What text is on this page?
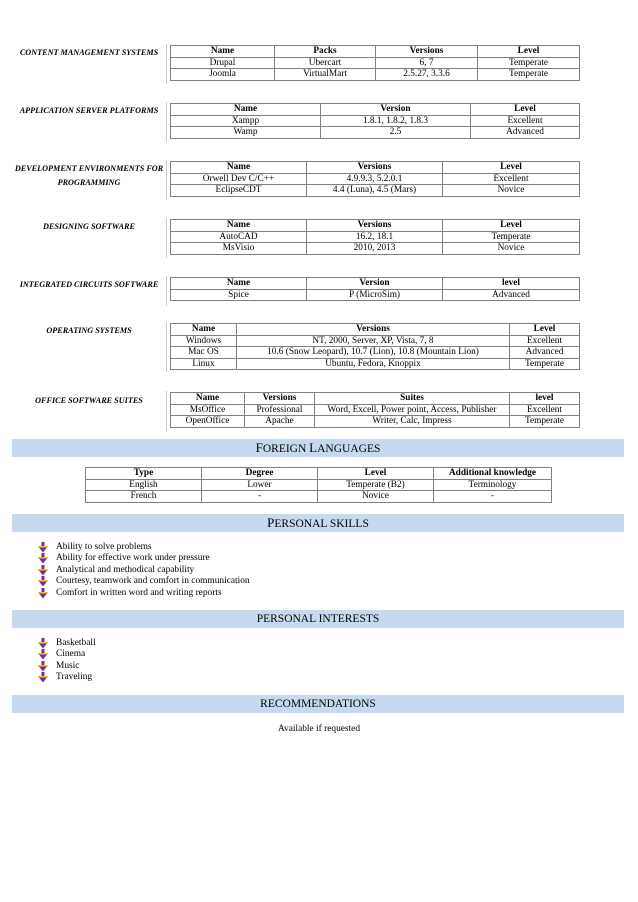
CONTENT MANAGEMENT SYSTEMS	Name	Packs	Versions	Level
Drupal	Ubercart	6, 7	Temperate
Joomla	VirtualMart	2.5.27, 3.3.6	Temperate
APPLICATION SERVER PLATFORMS	Name	Version	Level
Xampp	1.8.1, 1.8.2, 1.8.3	Excellent
Wamp	2.5	Advanced
DEVELOPMENT ENVIRONMENTS FOR
PROGRAMMING
Name	Versions	Level
Orwell Dev C/C++	4.9.9.3, 5.2.0.1	Excellent
EclipseCDT	4.4 (Luna), 4.5 (Mars)	Novice
DESIGNING SOFTWARE	Name	Versions	Level
AutoCAD	16.2, 18.1	Temperate
MsVisio	2010, 2013	Novice
INTEGRATED CIRCUITS SOFTWARE	Name	Version	level
Spice	P (MicroSim)	Advanced
OPERATING SYSTEMS	Name	Versions	Level
Windows	NT, 2000, Server, XP, Vista, 7, 8	Excellent
Mac OS	10.6 (Snow Leopard), 10.7 (Lion), 10.8 (Mountain Lion)	Advanced
Linux	Ubuntu, Fedora, Knoppix	Temperate
OFFICE SOFTWARE SUITES	Name	Versions	Suites	level
MsOffice	Professional	Word, Excell, Power point, Access, Publisher	Excellent
OpenOffice	Apache	Writer, Calc, Impress	Temperate
FOREIGN LANGUAGES
Type	Degree	Level	Additional knowledge
English	Lower	Temperate (B2)	Terminology
French	-	Novice	-
PERSONAL SKILLS
Ability to solve problems
Ability for effective work under pressure
Analytical and methodical capability
Courtesy, teamwork and comfort in communication
Comfort in written word and writing reports
PERSONAL INTERESTS
Basketball
Cinema
Music
Traveling
RECOMMENDATIONS
Available if requested
